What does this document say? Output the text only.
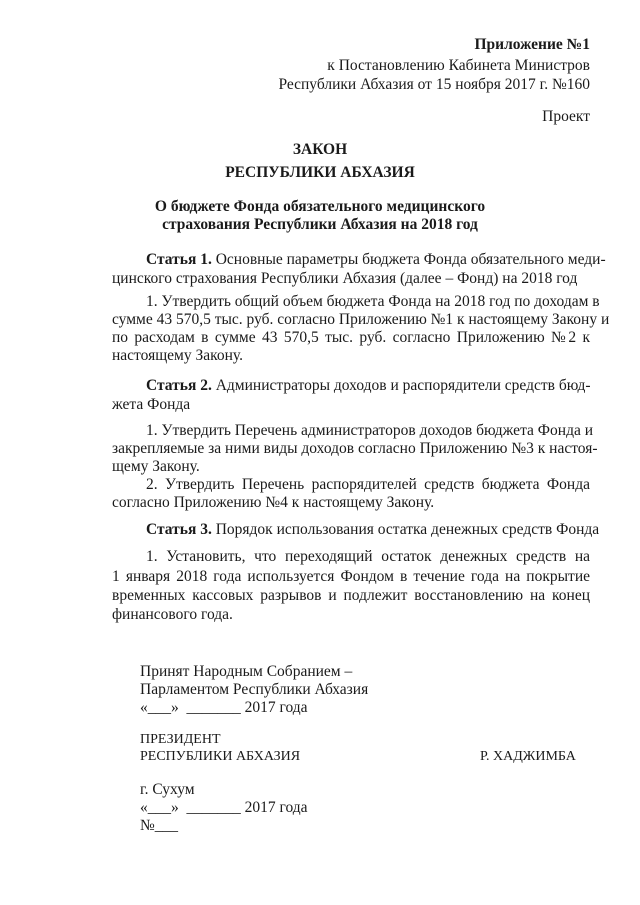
Приложение №1
к Постановлению Кабинета Министров
Республики Абхазия от 15 ноября 2017 г. №160
Проект
ЗАКОН
РЕСПУБЛИКИ АБХАЗИЯ
О бюджете Фонда обязательного медицинского
страхования Республики Абхазия на 2018 год
Статья 1. Основные параметры бюджета Фонда обязательного меди-
цинского страхования Республики Абхазия (далее – Фонд) на 2018 год
1. Утвердить общий объем бюджета Фонда на 2018 год по доходам в
сумме 43 570,5 тыс. руб. согласно Приложению №1 к настоящему Закону и
по расходам в сумме 43 570,5 тыс. руб. согласно Приложению №2 к
настоящему Закону.
Статья 2. Администраторы доходов и распорядители средств бюд-
жета Фонда
1. Утвердить Перечень администраторов доходов бюджета Фонда и
закрепляемые за ними виды доходов согласно Приложению №3 к настоя-
щему Закону.
2. Утвердить Перечень распорядителей средств бюджета Фонда
согласно Приложению №4 к настоящему Закону.
Статья 3. Порядок использования остатка денежных средств Фонда
1. Установить, что переходящий остаток денежных средств на
1 января 2018 года используется Фондом в течение года на покрытие
временных кассовых разрывов и подлежит восстановлению на конец
финансового года.
Принят Народным Собранием –
Парламентом Республики Абхазия
«___»  _______ 2017 года
ПРЕЗИДЕНТ
РЕСПУБЛИКИ АБХАЗИЯ	Р. ХАДЖИМБА
г. Сухум
«___»  _______ 2017 года
№___
